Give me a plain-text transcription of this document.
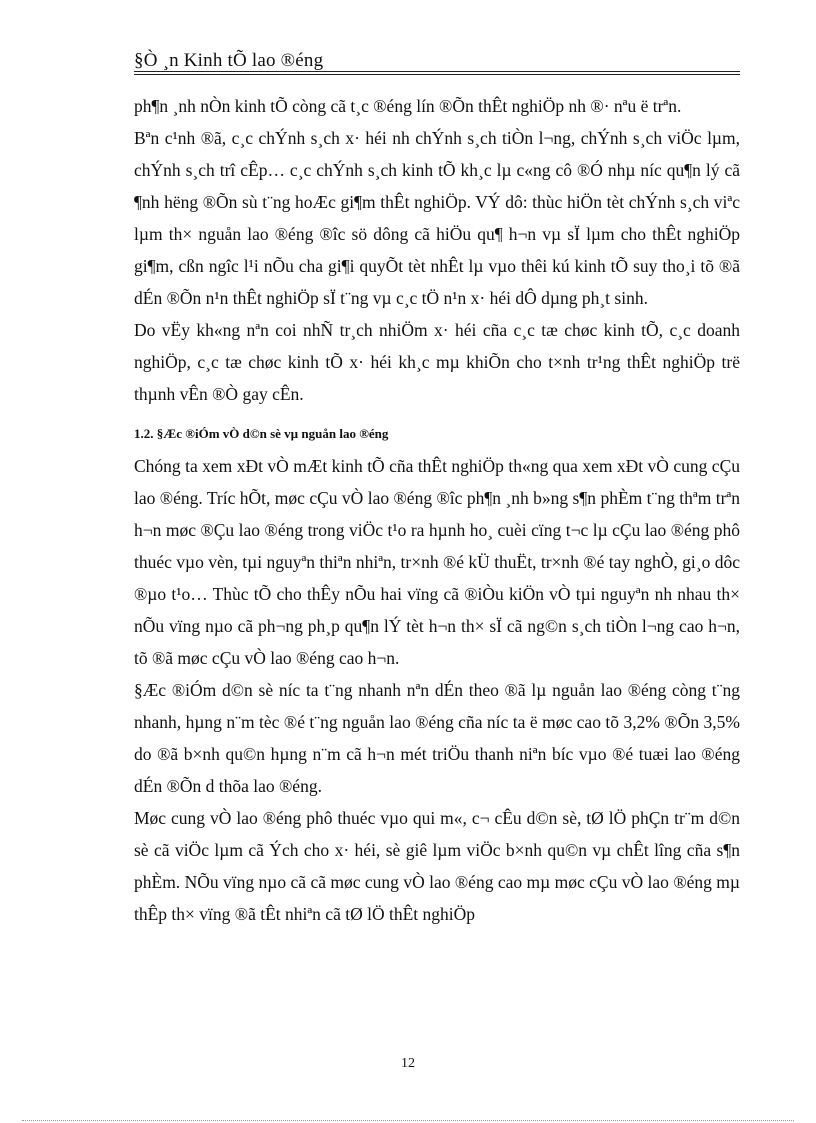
§Ò ¸n Kinh tÕ lao ®éng

ph¶n ¸nh nÒn kinh tÕ còng cã t¸c ®éng lín ®Õn thÊt nghiÖp nh ®· nªu ë trªn.

Bªn c¹nh ®ã, c¸c chÝnh s¸ch x· héi nh chÝnh s¸ch tiÒn l¬ng, chÝnh s¸ch viÖc lµm, chÝnh s¸ch trî cÊp… c¸c chÝnh s¸ch kinh tÕ kh¸c lµ c«ng cô ®Ó nhµ níc qu¶n lý cã ¶nh hëng ®Õn sù t¨ng hoÆc gi¶m thÊt nghiÖp. VÝ dô: thùc hiÖn tèt chÝnh s¸ch viªc lµm th× nguån lao ®éng ®îc sö dông cã hiÖu qu¶ h¬n vµ sÏ lµm cho thÊt nghiÖp gi¶m, cßn ngîc l¹i nÕu cha gi¶i quyÕt tèt nhÊt lµ vµo thêi kú kinh tÕ suy tho¸i tõ ®ã dÉn ®Õn n¹n thÊt nghiÖp sÏ t¨ng vµ c¸c tÖ n¹n x· héi dÔ dµng ph¸t sinh.

Do vËy kh«ng nªn coi nhÑ tr¸ch nhiÖm x· héi cña c¸c tæ chøc kinh tÕ, c¸c doanh nghiÖp, c¸c tæ chøc kinh tÕ x· héi kh¸c mµ khiÕn cho t×nh tr¹ng thÊt nghiÖp trë thµnh vÊn ®Ò gay cÊn.

1.2. §Æc ®iÓm vÒ d©n sè vµ nguån lao ®éng

Chóng ta xem xÐt vÒ mÆt kinh tÕ cña thÊt nghiÖp th«ng qua xem xÐt vÒ cung cÇu lao ®éng. Tríc hÕt, møc cÇu vÒ lao ®éng ®îc ph¶n ¸nh b»ng s¶n phÈm t¨ng thªm trªn h¬n møc ®Çu lao ®éng trong viÖc t¹o ra hµnh ho¸ cuèi cïng t¬c lµ cÇu lao ®éng phô thuéc vµo vèn, tµi nguyªn thiªn nhiªn, tr×nh ®é kÜ thuËt, tr×nh ®é tay nghÒ, gi¸o dôc ®µo t¹o… Thùc tÕ cho thÊy nÕu hai vïng cã ®iÒu kiÖn vÒ tµi nguyªn nh nhau th× nÕu vïng nµo cã ph¬ng ph¸p qu¶n lÝ tèt h¬n th× sÏ cã ng©n s¸ch tiÒn l¬ng cao h¬n, tõ ®ã møc cÇu vÒ lao ®éng cao h¬n.

§Æc ®iÓm d©n sè níc ta t¨ng nhanh nªn dÉn theo ®ã lµ nguån lao ®éng còng t¨ng nhanh, hµng n¨m tèc ®é t¨ng nguån lao ®éng cña níc ta ë møc cao tõ 3,2% ®Õn 3,5% do ®ã b×nh qu©n hµng n¨m cã h¬n mét triÖu thanh niªn bíc vµo ®é tuæi lao ®éng dÉn ®Õn d thõa lao ®éng.

Møc cung vÒ lao ®éng phô thuéc vµo qui m«, c¬ cÊu d©n sè, tØ lÖ phÇn tr¨m d©n sè cã viÖc lµm cã Ých cho x· héi, sè giê lµm viÖc b×nh qu©n vµ chÊt lîng cña s¶n phÈm. NÕu vïng nµo cã cã møc cung vÒ lao ®éng cao mµ møc cÇu vÒ lao ®éng mµ thÊp th× vïng ®ã tÊt nhiªn cã tØ lÖ thÊt nghiÖp

12
